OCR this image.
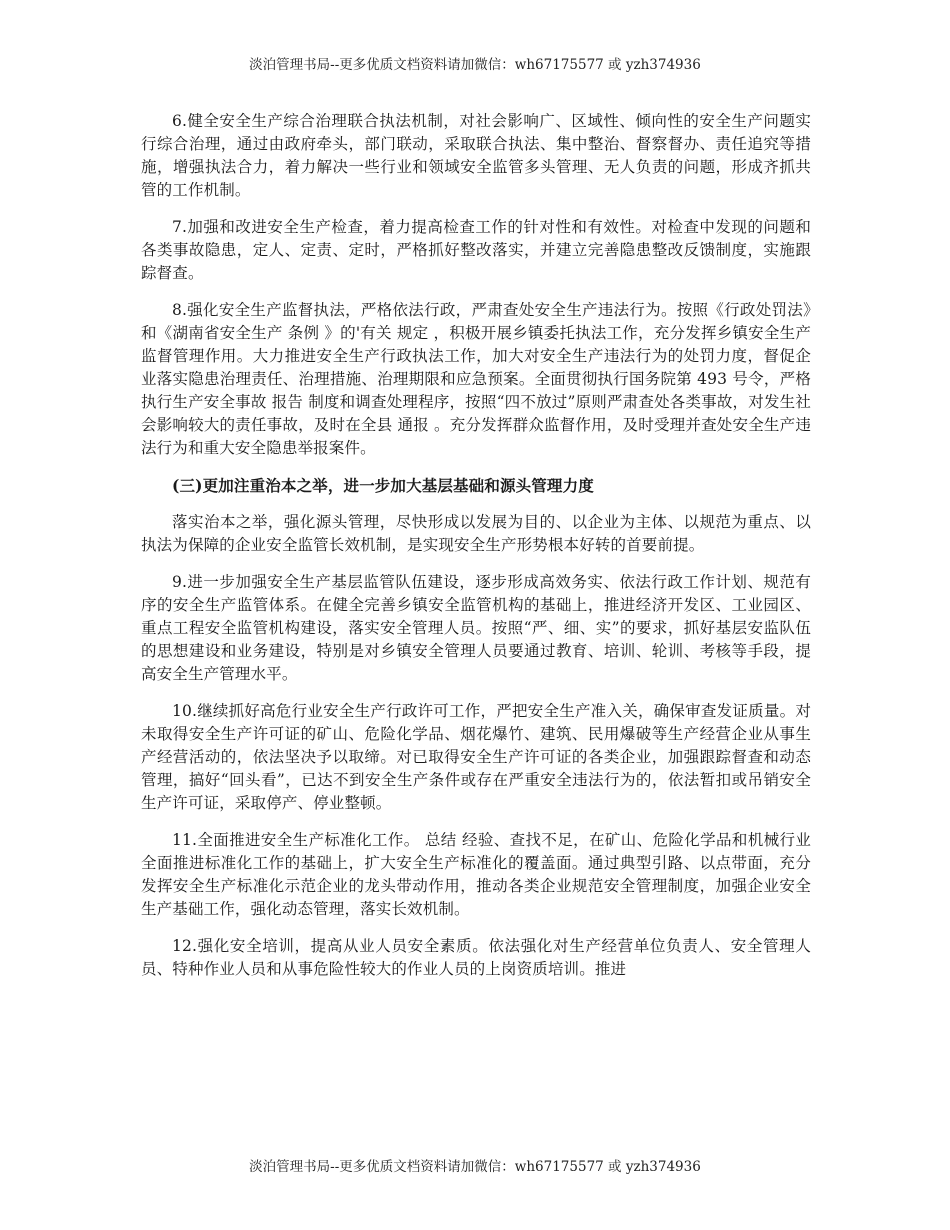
淡泊管理书局--更多优质文档资料请加微信：wh67175577 或 yzh374936

6.健全安全生产综合治理联合执法机制，对社会影响广、区域性、倾向性的安全生产问题实行综合治理，通过由政府牵头，部门联动，采取联合执法、集中整治、督察督办、责任追究等措施，增强执法合力，着力解决一些行业和领域安全监管多头管理、无人负责的问题，形成齐抓共管的工作机制。

7.加强和改进安全生产检查，着力提高检查工作的针对性和有效性。对检查中发现的问题和各类事故隐患，定人、定责、定时，严格抓好整改落实，并建立完善隐患整改反馈制度，实施跟踪督查。

8.强化安全生产监督执法，严格依法行政，严肃查处安全生产违法行为。按照《行政处罚法》和《湖南省安全生产 条例 》的'有关 规定 ，积极开展乡镇委托执法工作，充分发挥乡镇安全生产监督管理作用。大力推进安全生产行政执法工作，加大对安全生产违法行为的处罚力度，督促企业落实隐患治理责任、治理措施、治理期限和应急预案。全面贯彻执行国务院第 493 号令，严格执行生产安全事故 报告 制度和调查处理程序，按照“四不放过”原则严肃查处各类事故，对发生社会影响较大的责任事故，及时在全县 通报 。充分发挥群众监督作用，及时受理并查处安全生产违法行为和重大安全隐患举报案件。

(三)更加注重治本之举，进一步加大基层基础和源头管理力度

落实治本之举，强化源头管理，尽快形成以发展为目的、以企业为主体、以规范为重点、以执法为保障的企业安全监管长效机制，是实现安全生产形势根本好转的首要前提。

9.进一步加强安全生产基层监管队伍建设，逐步形成高效务实、依法行政工作计划、规范有序的安全生产监管体系。在健全完善乡镇安全监管机构的基础上，推进经济开发区、工业园区、重点工程安全监管机构建设，落实安全管理人员。按照“严、细、实”的要求，抓好基层安监队伍的思想建设和业务建设，特别是对乡镇安全管理人员要通过教育、培训、轮训、考核等手段，提高安全生产管理水平。

10.继续抓好高危行业安全生产行政许可工作，严把安全生产准入关，确保审查发证质量。对未取得安全生产许可证的矿山、危险化学品、烟花爆竹、建筑、民用爆破等生产经营企业从事生产经营活动的，依法坚决予以取缔。对已取得安全生产许可证的各类企业，加强跟踪督查和动态管理，搞好“回头看”，已达不到安全生产条件或存在严重安全违法行为的，依法暂扣或吊销安全生产许可证，采取停产、停业整顿。

11.全面推进安全生产标准化工作。 总结 经验、查找不足，在矿山、危险化学品和机械行业全面推进标准化工作的基础上，扩大安全生产标准化的覆盖面。通过典型引路、以点带面，充分发挥安全生产标准化示范企业的龙头带动作用，推动各类企业规范安全管理制度，加强企业安全生产基础工作，强化动态管理，落实长效机制。

12.强化安全培训，提高从业人员安全素质。依法强化对生产经营单位负责人、安全管理人员、特种作业人员和从事危险性较大的作业人员的上岗资质培训。推进

淡泊管理书局--更多优质文档资料请加微信：wh67175577 或 yzh374936
